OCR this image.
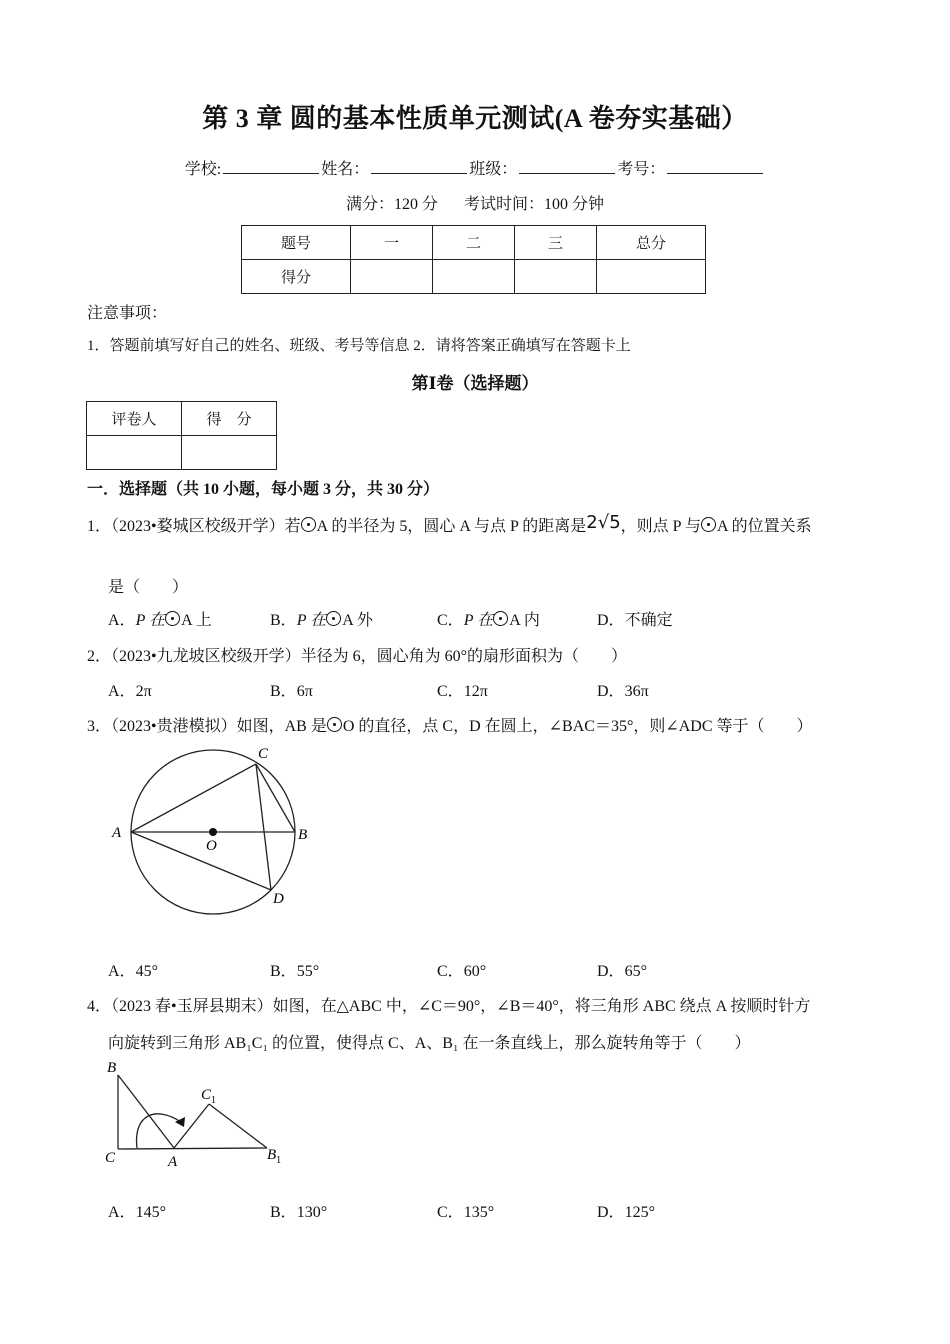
第 3 章 圆的基本性质单元测试(A 卷夯实基础）
学校:	姓名：	班级：	考号：
满分：120 分 考试时间：100 分钟
题号	一	二	三	总分
得分				
注意事项：
1．答题前填写好自己的姓名、班级、考号等信息 2．请将答案正确填写在答题卡上
第Ⅰ卷（选择题）
评卷人	得　分

一．选择题（共 10 小题，每小题 3 分，共 30 分）
1．（2023•婺城区校级开学）若 A 的半径为 5，圆心 A 与点 P 的距离是2√5，则点 P 与 A 的位置关系
是（　　）
A．P 在 A 上	B．P 在 A 外	C．P 在 A 内	D．不确定
2．（2023•九龙坡区校级开学）半径为 6，圆心角为 60°的扇形面积为（　　）
A．2π	B．6π	C．12π	D．36π
3．（2023•贵港模拟）如图，AB 是 O 的直径，点 C，D 在圆上，∠BAC＝35°，则∠ADC 等于（　　）
A	B
C
D
O
A．45°	B．55°	C．60°	D．65°
4．（2023 春•玉屏县期末）如图，在△ABC 中，∠C＝90°，∠B＝40°，将三角形 ABC 绕点 A 按顺时针方
向旋转到三角形 AB₁C₁ 的位置，使得点 C、A、B₁ 在一条直线上，那么旋转角等于（　　）
B
C	A
$C_1$
$B_1$
A．145°	B．130°	C．135°	D．125°
